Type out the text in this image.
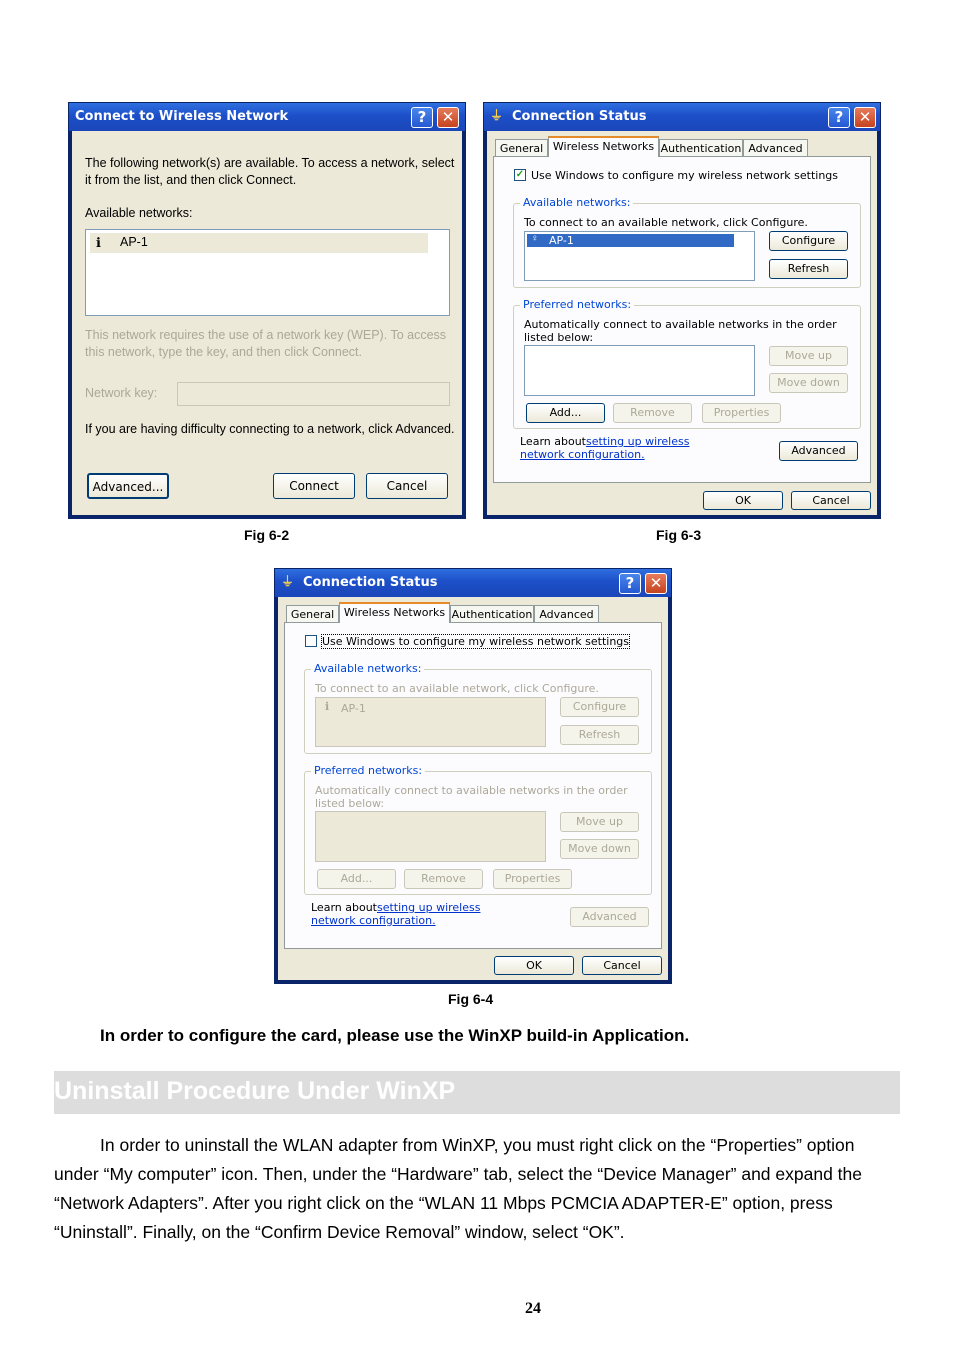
Connect to Wireless Network	?	✕
The following network(s) are available. To access a network, select it from the list, and then click Connect.
Available networks:
ℹ AP-1
This network requires the use of a network key (WEP). To access this network, type the key, and then click Connect.
Network key:
If you are having difficulty connecting to a network, click Advanced.
Advanced...	Connect	Cancel
Fig 6-2
⏚ Connection Status	?	✕
General Wireless Networks Authentication Advanced
✓ Use Windows to configure my wireless network settings
Available networks:
To connect to an available network, click Configure.
♀ AP-1	Configure
Refresh
Preferred networks:
Automatically connect to available networks in the order listed below:
Move up
Move down
Add...	Remove	Properties
Learn about setting up wireless network configuration.	Advanced
OK	Cancel
Fig 6-3
⏚ Connection Status	?	✕
General Wireless Networks Authentication Advanced
Use Windows to configure my wireless network settings
Available networks:
To connect to an available network, click Configure.
ℹ AP-1	Configure
Refresh
Preferred networks:
Automatically connect to available networks in the order listed below:
Move up
Move down
Add...	Remove	Properties
Learn about setting up wireless network configuration.	Advanced
OK	Cancel
Fig 6-4
In order to configure the card, please use the WinXP build-in Application.
Uninstall Procedure Under WinXP
In order to uninstall the WLAN adapter from WinXP, you must right click on the “Properties” option under “My computer” icon. Then, under the “Hardware” tab, select the “Device Manager” and expand the “Network Adapters”. After you right click on the “WLAN 11 Mbps PCMCIA ADAPTER-E” option, press “Uninstall”. Finally, on the “Confirm Device Removal” window, select “OK”.
24
